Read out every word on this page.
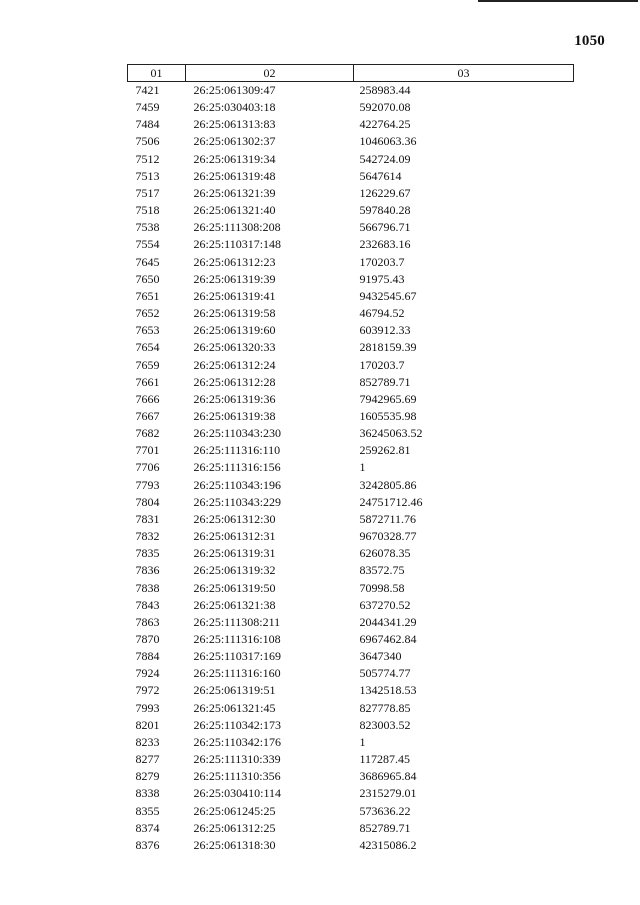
1050
01	02	03
7421	26:25:061309:47	258983.44
7459	26:25:030403:18	592070.08
7484	26:25:061313:83	422764.25
7506	26:25:061302:37	1046063.36
7512	26:25:061319:34	542724.09
7513	26:25:061319:48	5647614
7517	26:25:061321:39	126229.67
7518	26:25:061321:40	597840.28
7538	26:25:111308:208	566796.71
7554	26:25:110317:148	232683.16
7645	26:25:061312:23	170203.7
7650	26:25:061319:39	91975.43
7651	26:25:061319:41	9432545.67
7652	26:25:061319:58	46794.52
7653	26:25:061319:60	603912.33
7654	26:25:061320:33	2818159.39
7659	26:25:061312:24	170203.7
7661	26:25:061312:28	852789.71
7666	26:25:061319:36	7942965.69
7667	26:25:061319:38	1605535.98
7682	26:25:110343:230	36245063.52
7701	26:25:111316:110	259262.81
7706	26:25:111316:156	1
7793	26:25:110343:196	3242805.86
7804	26:25:110343:229	24751712.46
7831	26:25:061312:30	5872711.76
7832	26:25:061312:31	9670328.77
7835	26:25:061319:31	626078.35
7836	26:25:061319:32	83572.75
7838	26:25:061319:50	70998.58
7843	26:25:061321:38	637270.52
7863	26:25:111308:211	2044341.29
7870	26:25:111316:108	6967462.84
7884	26:25:110317:169	3647340
7924	26:25:111316:160	505774.77
7972	26:25:061319:51	1342518.53
7993	26:25:061321:45	827778.85
8201	26:25:110342:173	823003.52
8233	26:25:110342:176	1
8277	26:25:111310:339	117287.45
8279	26:25:111310:356	3686965.84
8338	26:25:030410:114	2315279.01
8355	26:25:061245:25	573636.22
8374	26:25:061312:25	852789.71
8376	26:25:061318:30	42315086.2
